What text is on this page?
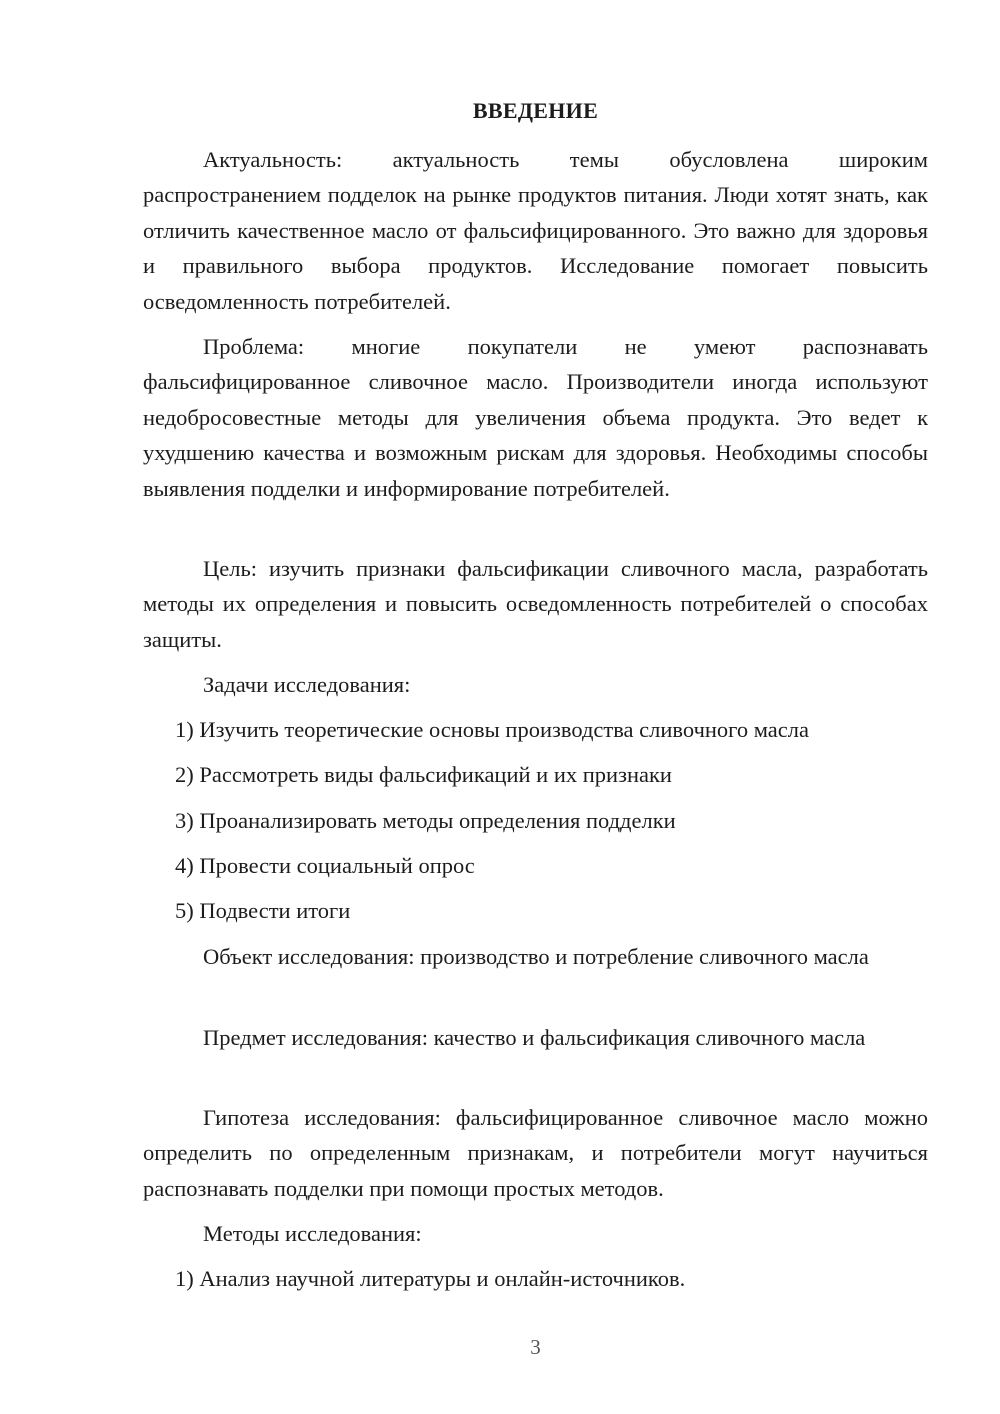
ВВЕДЕНИЕ

Актуальность: актуальность темы обусловлена широким распространением подделок на рынке продуктов питания. Люди хотят знать, как отличить качественное масло от фальсифицированного. Это важно для здоровья и правильного выбора продуктов. Исследование помогает повысить осведомленность потребителей.

Проблема: многие покупатели не умеют распознавать фальсифицированное сливочное масло. Производители иногда используют недобросовестные методы для увеличения объема продукта. Это ведет к ухудшению качества и возможным рискам для здоровья. Необходимы способы выявления подделки и информирование потребителей.

Цель: изучить признаки фальсификации сливочного масла, разработать методы их определения и повысить осведомленность потребителей о способах защиты.

Задачи исследования:

1) Изучить теоретические основы производства сливочного масла

2) Рассмотреть виды фальсификаций и их признаки

3) Проанализировать методы определения подделки

4) Провести социальный опрос

5) Подвести итоги

Объект исследования: производство и потребление сливочного масла

Предмет исследования: качество и фальсификация сливочного масла

Гипотеза исследования: фальсифицированное сливочное масло можно определить по определенным признакам, и потребители могут научиться распознавать подделки при помощи простых методов.

Методы исследования:

1) Анализ научной литературы и онлайн-источников.

3
